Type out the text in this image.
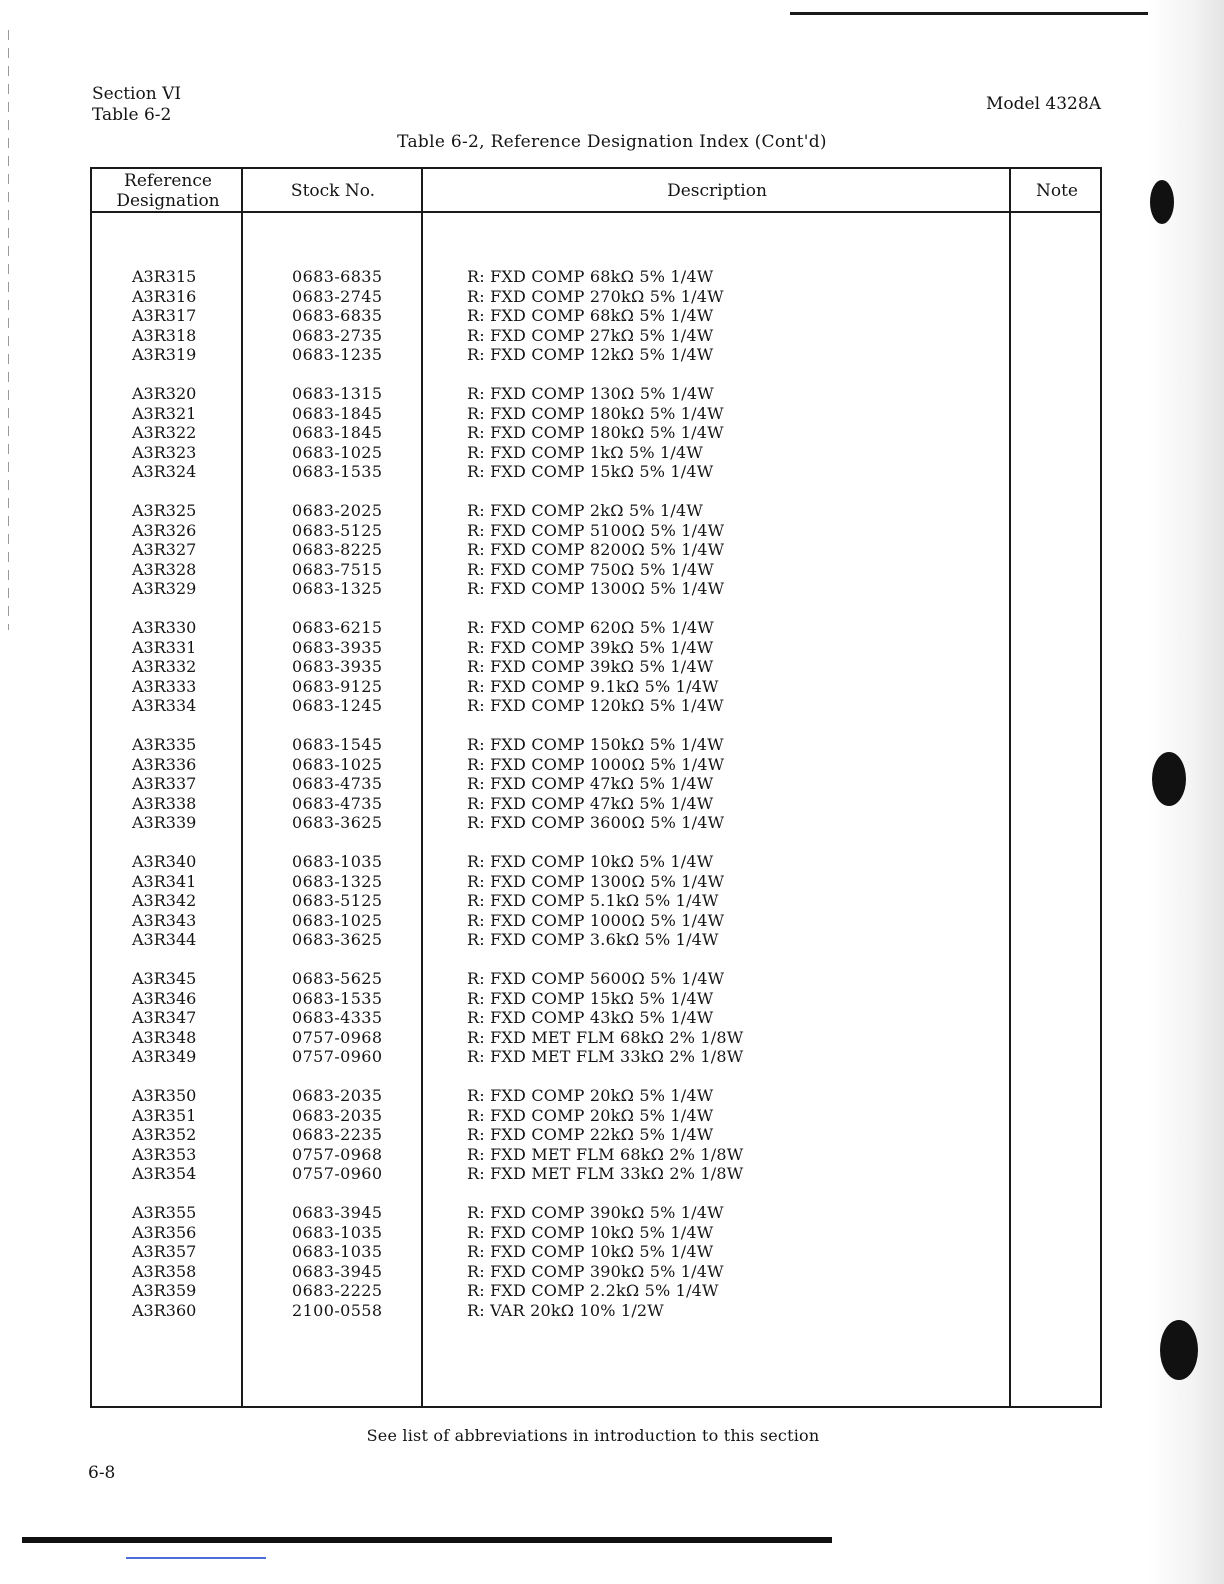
Section VI
Table 6-2
Model 4328A
Table 6-2, Reference Designation Index (Cont'd)
Reference
Designation	Stock No.	Description	Note
A3R315	0683-6835	R: FXD COMP 68kΩ 5% 1/4W
A3R316	0683-2745	R: FXD COMP 270kΩ 5% 1/4W
A3R317	0683-6835	R: FXD COMP 68kΩ 5% 1/4W
A3R318	0683-2735	R: FXD COMP 27kΩ 5% 1/4W
A3R319	0683-1235	R: FXD COMP 12kΩ 5% 1/4W
A3R320	0683-1315	R: FXD COMP 130Ω 5% 1/4W
A3R321	0683-1845	R: FXD COMP 180kΩ 5% 1/4W
A3R322	0683-1845	R: FXD COMP 180kΩ 5% 1/4W
A3R323	0683-1025	R: FXD COMP 1kΩ 5% 1/4W
A3R324	0683-1535	R: FXD COMP 15kΩ 5% 1/4W
A3R325	0683-2025	R: FXD COMP 2kΩ 5% 1/4W
A3R326	0683-5125	R: FXD COMP 5100Ω 5% 1/4W
A3R327	0683-8225	R: FXD COMP 8200Ω 5% 1/4W
A3R328	0683-7515	R: FXD COMP 750Ω 5% 1/4W
A3R329	0683-1325	R: FXD COMP 1300Ω 5% 1/4W
A3R330	0683-6215	R: FXD COMP 620Ω 5% 1/4W
A3R331	0683-3935	R: FXD COMP 39kΩ 5% 1/4W
A3R332	0683-3935	R: FXD COMP 39kΩ 5% 1/4W
A3R333	0683-9125	R: FXD COMP 9.1kΩ 5% 1/4W
A3R334	0683-1245	R: FXD COMP 120kΩ 5% 1/4W
A3R335	0683-1545	R: FXD COMP 150kΩ 5% 1/4W
A3R336	0683-1025	R: FXD COMP 1000Ω 5% 1/4W
A3R337	0683-4735	R: FXD COMP 47kΩ 5% 1/4W
A3R338	0683-4735	R: FXD COMP 47kΩ 5% 1/4W
A3R339	0683-3625	R: FXD COMP 3600Ω 5% 1/4W
A3R340	0683-1035	R: FXD COMP 10kΩ 5% 1/4W
A3R341	0683-1325	R: FXD COMP 1300Ω 5% 1/4W
A3R342	0683-5125	R: FXD COMP 5.1kΩ 5% 1/4W
A3R343	0683-1025	R: FXD COMP 1000Ω 5% 1/4W
A3R344	0683-3625	R: FXD COMP 3.6kΩ 5% 1/4W
A3R345	0683-5625	R: FXD COMP 5600Ω 5% 1/4W
A3R346	0683-1535	R: FXD COMP 15kΩ 5% 1/4W
A3R347	0683-4335	R: FXD COMP 43kΩ 5% 1/4W
A3R348	0757-0968	R: FXD MET FLM 68kΩ 2% 1/8W
A3R349	0757-0960	R: FXD MET FLM 33kΩ 2% 1/8W
A3R350	0683-2035	R: FXD COMP 20kΩ 5% 1/4W
A3R351	0683-2035	R: FXD COMP 20kΩ 5% 1/4W
A3R352	0683-2235	R: FXD COMP 22kΩ 5% 1/4W
A3R353	0757-0968	R: FXD MET FLM 68kΩ 2% 1/8W
A3R354	0757-0960	R: FXD MET FLM 33kΩ 2% 1/8W
A3R355	0683-3945	R: FXD COMP 390kΩ 5% 1/4W
A3R356	0683-1035	R: FXD COMP 10kΩ 5% 1/4W
A3R357	0683-1035	R: FXD COMP 10kΩ 5% 1/4W
A3R358	0683-3945	R: FXD COMP 390kΩ 5% 1/4W
A3R359	0683-2225	R: FXD COMP 2.2kΩ 5% 1/4W
A3R360	2100-0558	R: VAR 20kΩ 10% 1/2W
See list of abbreviations in introduction to this section
6-8
